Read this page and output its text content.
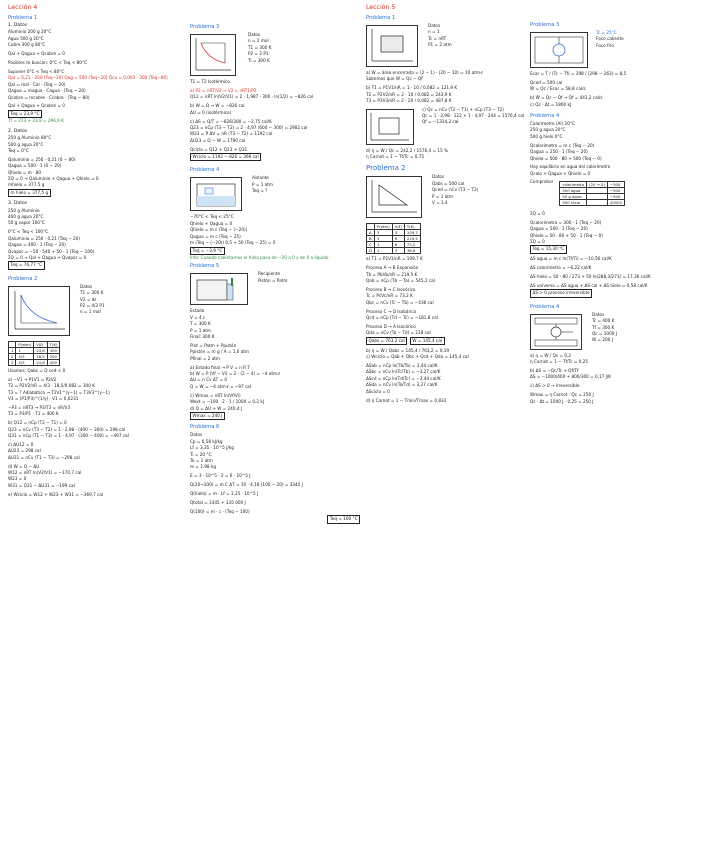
Lección 4
Problema 1
1. Datos
Aluminio 200 g 20°C
Agua 500 g 20°C
Cobre 300 g 80°C
Qal + Qagua + Qcobre = 0
Posibles te buscan: 0°C < Teq < 80°C
Suponer 0°C < Teq < 80°C
Qal = 0,21 · 200 (Teq−20) Qag = 500 (Teq−20) Qcu = 0,093 · 300 (Teq−80)
Qal = mal · Cal · (Teq − 20)
Qagua = magua · Cagua · (Teq − 20)
Qcobre = mcobre · Ccobre · (Teq − 80)
Qal + Qagua + Qcobre = 0
Teq = 23,9 °C
Tf = 273 + 23,9 = 296,9 K
2. Datos
250 g Aluminio 80°C
500 g agua 20°C
Teq = 0°C
Qaluminio = 250 · 0,21 (0 − 80)
Qagua = 500 · 1 (0 − 20)
Qhielo = m · 80
ΣQ = 0 → Qaluminio + Qagua + Qhielo = 0
mhielo = 377,5 g
m hielo = 377,5 g
3. Datos
250 g Aluminio
400 g agua 20°C
50 g vapor 100°C
0°C < Teq < 100°C
Qaluminio = 250 · 0,21 (Teq − 20)
Qagua = 400 · 1 (Teq − 20)
Qvapor = −50 · 540 + 50 · 1 (Teq − 100)
ΣQ = 0 → Qal + Qagua + Qvapor = 0
Teq = 76,77 °C
Problema 2
Datos
T1 = 300 K
V2 = 4ℓ
P2 = 4/3 P1
n = 1 mol
	P(atm)	V(ℓ)	T(K)
1	1	24,6	300
2	4/3	18,5	300
3	4/3	24,6	400
Usamos: Qabs = Q ced < 0
a) −V1 → P1V1 = P2V2
T2 = P2V2/nR = 4/3 · 18,5/0,082 = 300 K
T3 = ? Adiabático → T1V1^(γ−1) = T3V3^(γ−1)
V3 = (P1/P3)^(1/γ) · V1 = 0,0231
−P3 = nRT3 → P3/T3 = nR/V3
T3 = P3/P1 · T1 = 400 K
b) Q12 = nCp (T2 − T1) = 0
Q23 = nCv (T3 − T2) = 1 · 2,98 · (400 − 300) = 298 cal
Q31 = nCp (T1 − T3) = 1 · 4,97 · (300 − 400) = −497 cal
c) ΔU12 = 0
ΔU23 = 298 cal
ΔU31 = nCv (T1 − T3) = −298 cal
d) W = Q − ΔU
W12 = nRT ln(V2/V1) = −170,7 cal
W23 = 0
W31 = Q31 − ΔU31 = −199 cal
e) Wciclo = W12 + W23 + W31 = −369,7 cal
Problema 3
Datos
n = 2 mol
T1 = 300 K
P2 = 2 P1
Ti = 300 K
T1 = T2 Isotérmico
a) P2 = nRT/V2 → V2 = nRT1/P2
Q12 = nRT ln(V2/V1) = 2 · 1,987 · 300 · ln(1/2) = −826 cal
b) W = Q → W = −826 cal
ΔU = 0 (isotérmico)
c) ΔS = Q/T = −826/300 = −2,75 cal/K
Q23 = nCp (T3 − T2) = 2 · 4,97 (600 − 300) = 2982 cal
W23 = P ΔV = nR (T3 − T2) = 1192 cal
ΔU23 = Q − W = 1790 cal
Qciclo = Q12 + Q23 + Q31
Wciclo = 1192 − 826 = 366 cal
Problema 4
Aislante
P = 1 atm
Teq = ?
−70°C < Teq < 25°C
Qhielo + Qagua = 0
Qhielo = m c (Teq − (−20))
Qagua = m c (Teq − 25)
m (Teq − (−20)) 0,5 + 50 (Teq − 25) = 0
Teq = −3,9 °C
Info: Cuando calentamos el hielo pasa de −20 a 0 y de 0 a líquido
Problema 5
Recipiente
Pistón = Patm
Estado
V = 4 ℓ
T = 300 K
P = 1 atm
Final: 300 K
Pint = Patm + Ppistón
Ppistón = m g / A = 1,0 atm
Pfinal = 2 atm
a) Estado final → P V = n R T
b) W = P (Vf − Vi) = 2 · (2 − 4) = −4 atm·ℓ
ΔU = n Cv ΔT = 0
Q = W = −4 atm·ℓ = −97 cal
c) Wmax = nRT ln(Vf/Vi)
Wext = −100 · 2 · 1 / 1000 = 0,2 kJ
d) Q = ΔU + W = 240,4 J
Wmax = 240 J
Problema 6
Datos
Cp = 6,58 kJ/kg
Lf = 3,35 · 10^5 J/kg
Ti = 20 °C
Te = 1 atm
m = 1,98 kg
E = 3 · 10^5 · 2 = 6 · 10^5 J
Q(20→100) = m C ΔT = 10 · 4,18 (100 − 20) = 3345 J
Q(hielo) = m · Lf = 3,35 · 10^5 J
Qtotal = 3345 + 335 000 J
Q(100) = m · c · (Teq − 100)
Teq = 100 °C
Lección 5
Problema 1
Datos
n = 1
Tc = nRT
P1 = 2 atm
a) W = área encerrada = (2 − 1) · (20 − 10) = 10 atm·ℓ
Sabemos que W = Qc − Qf
b) T1 = P1V1/nR = 1 · 10 / 0,082 = 121,9 K
T2 = P2V2/nR = 2 · 10 / 0,082 = 243,9 K
T3 = P3V3/nR = 2 · 20 / 0,082 = 487,8 K
c) Qc = nCv (T2 − T1) + nCp (T3 − T2)
Qc = 1 · 2,98 · 122 + 1 · 4,97 · 244 = 1576,4 cal
Qf = −1334,2 cal
d) η = W / Qc = 242,2 / 1576,4 = 15 %
η Carnot = 1 − Tf/Tc = 0,75
Problema 2
Datos
Qabs = 500 cal
Qced = nCv (T3 − T2)
P = 1 atm
V = 1,4
	P(atm)	V(ℓ)	T(K)
A	3	3	109,7
B	3	6	219,5
C	1	6	73,2
D	1	3	36,6
a) T1 = P1V1/nR = 109,7 K
Proceso A → B Expansión
Tb = PbVb/nR = 219,5 K
Qab = nCp (Tb − Ta) = 545,2 cal
Proceso B → C Isocórico
Tc = PcVc/nR = 73,2 K
Qbc = nCv (Tc − Tb) = −436 cal
Proceso C → D Isobárico
Qcd = nCp (Td − Tc) = −181,8 cal
Proceso D → A Isocórico
Qda = nCv (Ta − Td) = 218 cal
Qabs = 763,2 cal W = 145,4 cal
b) η = W / Qabs = 145,4 / 763,2 = 0,19
c) Wciclo = Qab + Qbc + Qcd + Qda = 145,4 cal
ΔSab = nCp ln(Tb/Ta) = 3,44 cal/K
ΔSbc = nCv ln(Tc/Tb) = −3,27 cal/K
ΔScd = nCp ln(Td/Tc) = −3,44 cal/K
ΔSda = nCv ln(Ta/Td) = 3,27 cal/K
ΔSciclo = 0
d) η Carnot = 1 − Tmin/Tmax = 0,833
Problema 3
Tc = 25°C
Foco caliente
Foco frío
Ecar = T / (Tc − Tf) = 298 / (298 − 263) = 8,5
Qced = 500 cal
Ẇ = Qc / Ecar = 58,8 cal/s
b) Ẇ = Q̇c − Q̇f → Q̇f = 441,2 cal/s
c) Qc · Δt = 1800 kJ
Problema 4
Calorímetro (Al) 20°C
250 g agua 20°C
500 g hielo 0°C
Qcalorímetro = m c (Teq − 20)
Qagua = 250 · 1 (Teq − 20)
Qhielo = 500 · 80 + 500 (Teq − 0)
Hay equilibrio en agua del calorímetro
Qcalo + Qagua + Qhielo = 0
Comprobar
calorímetro	(20 → 0)	−300
500 agua		−500
50 g agua		−500
500 hielo		40000
ΣQ = 0
Qcalorímetro = 300 · 1 (Teq − 20)
Qagua = 500 · 1 (Teq − 20)
Qhielo = 50 · 80 + 50 · 1 (Teq − 0)
ΣQ = 0
Teq = 15,30 °C
ΔS agua = m c ln(Tf/Ti) = −10,56 cal/K
ΔS calorímetro = −6,22 cal/K
ΔS hielo = 50 · 80 / 273 + 50 ln(288,3/273) = 17,36 cal/K
ΔS universo = ΔS agua + ΔS cal + ΔS hielo = 0,58 cal/K
ΔS > 0 proceso irreversible
Problema 4
Datos
Tc = 400 K
Tf = 300 K
Qc = 1000 J
W = 200 J
a) η = W / Qc = 0,2
η Carnot = 1 − Tf/Tc = 0,25
b) ΔS = −Qc/Tc + Qf/Tf
ΔS = −1000/400 + 800/300 = 0,17 J/K
c) ΔS > 0 → Irreversible
Wmax = η Carnot · Qc = 250 J
Qc · Δt = 1000 J · 0,25 = 250 J
